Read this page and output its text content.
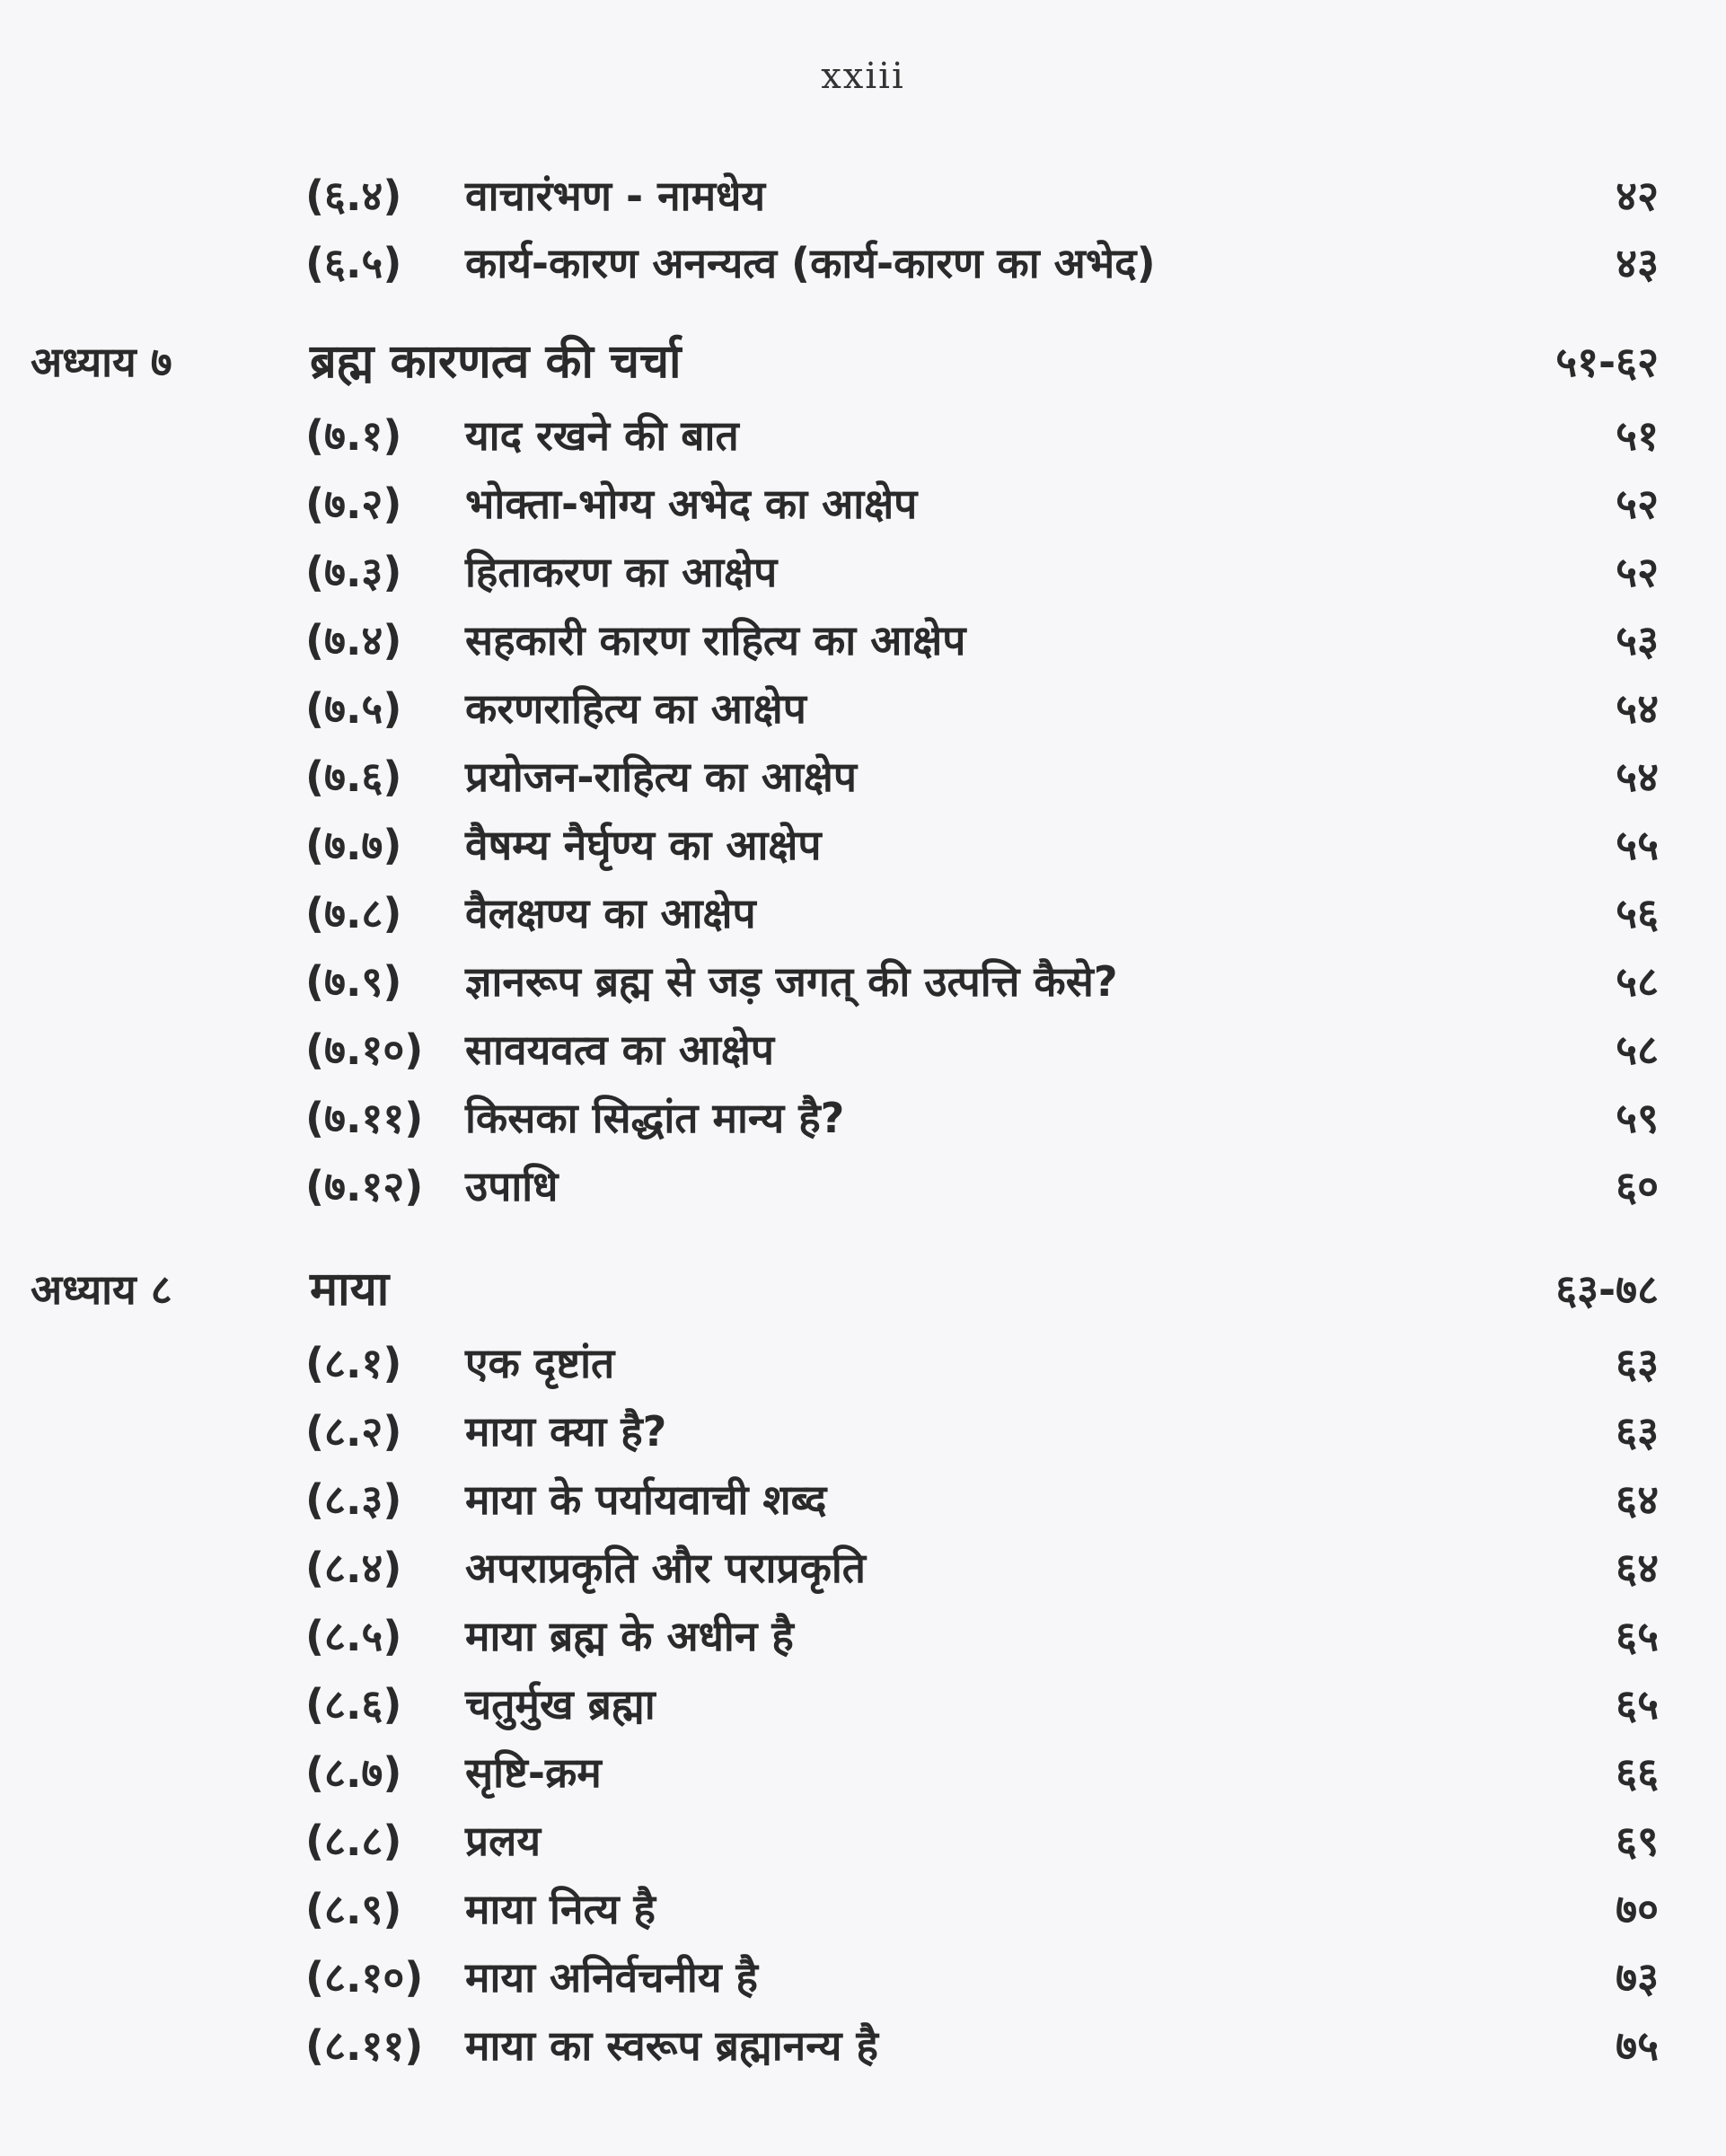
xxiii
(६.४) वाचारंभण - नामधेय	४२
(६.५) कार्य-कारण अनन्यत्व (कार्य-कारण का अभेद)	४३
अध्याय ७	ब्रह्म कारणत्व की चर्चा	५१-६२
(७.१) याद रखने की बात	५१
(७.२) भोक्ता-भोग्य अभेद का आक्षेप	५२
(७.३) हिताकरण का आक्षेप	५२
(७.४) सहकारी कारण राहित्य का आक्षेप	५३
(७.५) करणराहित्य का आक्षेप	५४
(७.६) प्रयोजन-राहित्य का आक्षेप	५४
(७.७) वैषम्य नैर्घृण्य का आक्षेप	५५
(७.८) वैलक्षण्य का आक्षेप	५६
(७.९) ज्ञानरूप ब्रह्म से जड़ जगत् की उत्पत्ति कैसे?	५८
(७.१०) सावयवत्व का आक्षेप	५८
(७.११) किसका सिद्धांत मान्य है?	५९
(७.१२) उपाधि	६०
अध्याय ८	माया	६३-७८
(८.१) एक दृष्टांत	६३
(८.२) माया क्या है?	६३
(८.३) माया के पर्यायवाची शब्द	६४
(८.४) अपराप्रकृति और पराप्रकृति	६४
(८.५) माया ब्रह्म के अधीन है	६५
(८.६) चतुर्मुख ब्रह्मा	६५
(८.७) सृष्टि-क्रम	६६
(८.८) प्रलय	६९
(८.९) माया नित्य है	७०
(८.१०) माया अनिर्वचनीय है	७३
(८.११) माया का स्वरूप ब्रह्मानन्य है	७५
